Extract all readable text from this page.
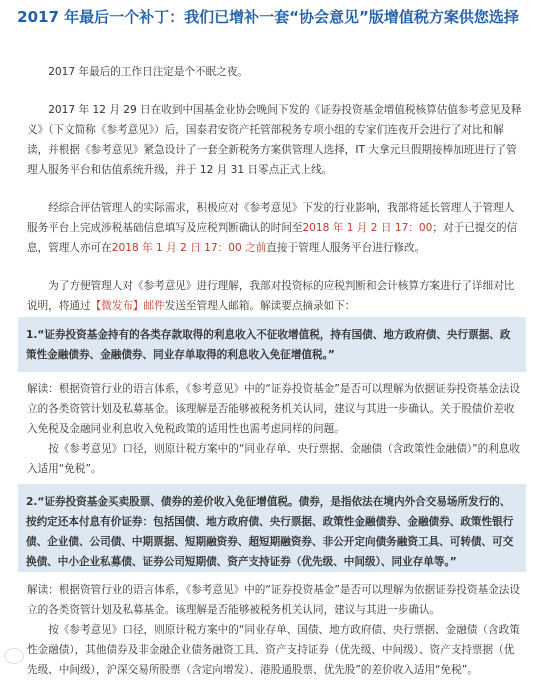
2017 年最后一个补丁：我们已增补一套“协会意见”版增值税方案供您选择

2017 年最后的工作日注定是个不眠之夜。

2017 年 12 月 29 日在收到中国基金业协会晚间下发的《证券投资基金增值税核算估值参考意见及释义》（下文简称《参考意见》）后，国泰君安资产托管部税务专项小组的专家们连夜开会进行了对比和解读，并根据《参考意见》紧急设计了一套全新税务方案供管理人选择，IT 大拿元旦假期接棒加班进行了管理人服务平台和估值系统升级，并于 12 月 31 日零点正式上线。

经综合评估管理人的实际需求，积极应对《参考意见》下发的行业影响，我部将延长管理人于管理人服务平台上完成涉税基础信息填写及应税判断确认的时间至2018 年 1 月 2 日 17：00；对于已提交的信息，管理人亦可在2018 年 1 月 2 日 17：00 之前直接于管理人服务平台进行修改。

为了方便管理人对《参考意见》进行理解，我部对投资标的应税判断和会计核算方案进行了详细对比说明，将通过【微发布】邮件发送至管理人邮箱。解读要点摘录如下：

1.“证券投资基金持有的各类存款取得的利息收入不征收增值税，持有国债、地方政府债、央行票据、政策性金融债券、金融债券、同业存单取得的利息收入免征增值税。”

解读：根据资管行业的语言体系，《参考意见》中的“证券投资基金”是否可以理解为依据证券投资基金法设立的各类资管计划及私募基金。该理解是否能够被税务机关认同，建议与其进一步确认。关于股债价差收入免税及金融同业利息收入免税政策的适用性也需考虑同样的问题。

按《参考意见》口径，则原计税方案中的“同业存单、央行票据、金融债（含政策性金融债）”的利息收入适用“免税”。

2.“证券投资基金买卖股票、债券的差价收入免征增值税。债券，是指依法在境内外合交易场所发行的、按约定还本付息有价证券：包括国债、地方政府债、央行票据、政策性金融债券、金融债券、政策性银行债、企业债、公司债、中期票据、短期融资券、超短期融资券、非公开定向债务融资工具、可转债、可交换债、中小企业私募债、证券公司短期债、资产支持证券（优先级、中间级）、同业存单等。”

解读：根据资管行业的语言体系，《参考意见》中的“证券投资基金”是否可以理解为依据证券投资基金法设立的各类资管计划及私募基金。该理解是否能够被税务机关认同，建议与其进一步确认。

按《参考意见》口径，则原计税方案中的“同业存单、国债、地方政府债、央行票据、金融债（含政策性金融债），其他债券及非金融企业债务融资工具、资产支持证券（优先级、中间级）、资产支持票据（优先级、中间级），沪深交易所股票（含定向增发）、港股通股票、优先股”的差价收入适用“免税”。
